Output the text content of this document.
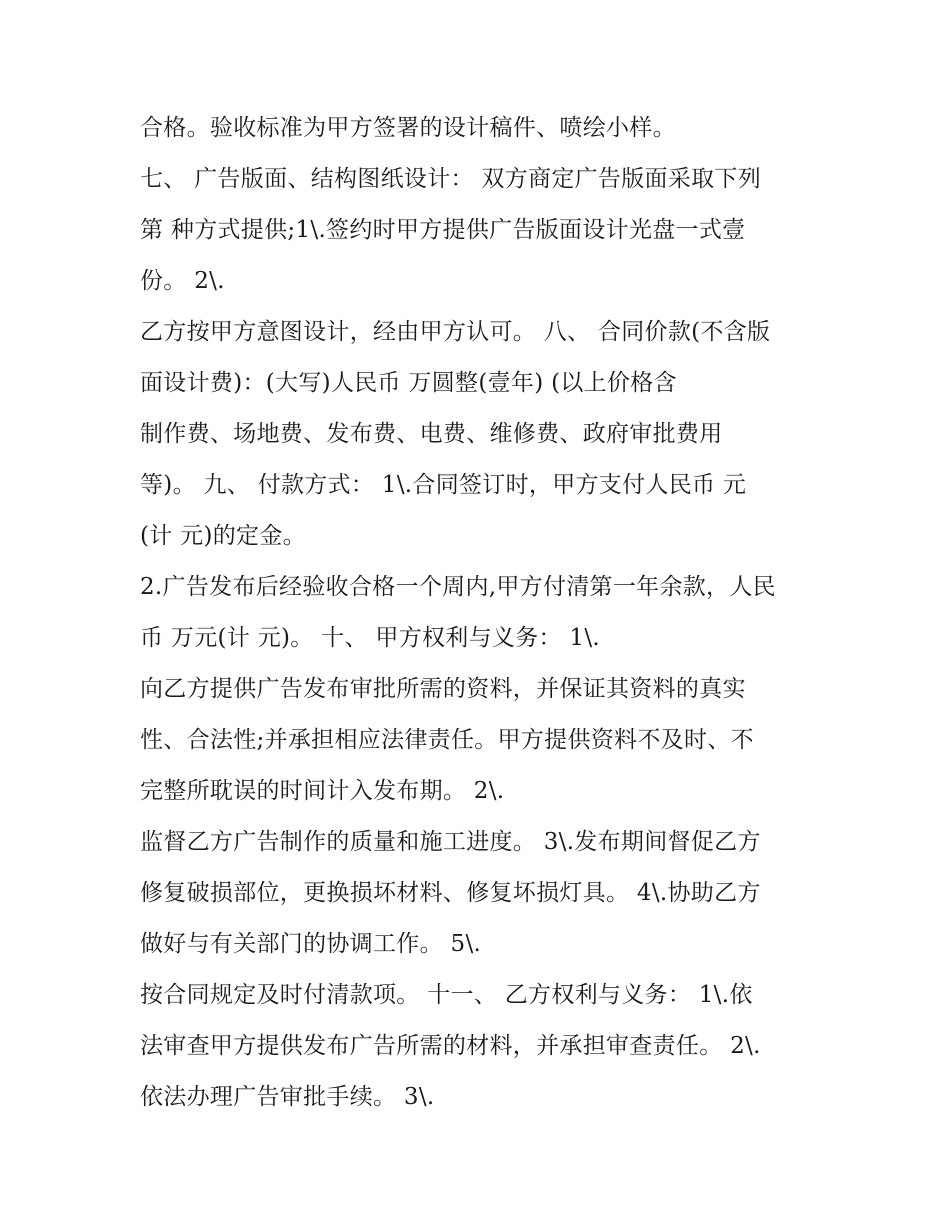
合格。验收标准为甲方签署的设计稿件、喷绘小样。
七、 广告版面、结构图纸设计： 双方商定广告版面采取下列
第 种方式提供;1\.签约时甲方提供广告版面设计光盘一式壹
份。 2\.
乙方按甲方意图设计，经由甲方认可。 八、 合同价款(不含版
面设计费)：(大写)人民币 万圆整(壹年) (以上价格含
制作费、场地费、发布费、电费、维修费、政府审批费用
等)。 九、 付款方式： 1\.合同签订时，甲方支付人民币 元
(计 元)的定金。
2.广告发布后经验收合格一个周内,甲方付清第一年余款，人民
币 万元(计 元)。 十、 甲方权利与义务： 1\.
向乙方提供广告发布审批所需的资料，并保证其资料的真实
性、合法性;并承担相应法律责任。甲方提供资料不及时、不
完整所耽误的时间计入发布期。 2\.
监督乙方广告制作的质量和施工进度。 3\.发布期间督促乙方
修复破损部位，更换损坏材料、修复坏损灯具。 4\.协助乙方
做好与有关部门的协调工作。 5\.
按合同规定及时付清款项。 十一、 乙方权利与义务： 1\.依
法审查甲方提供发布广告所需的材料，并承担审查责任。 2\.
依法办理广告审批手续。 3\.
